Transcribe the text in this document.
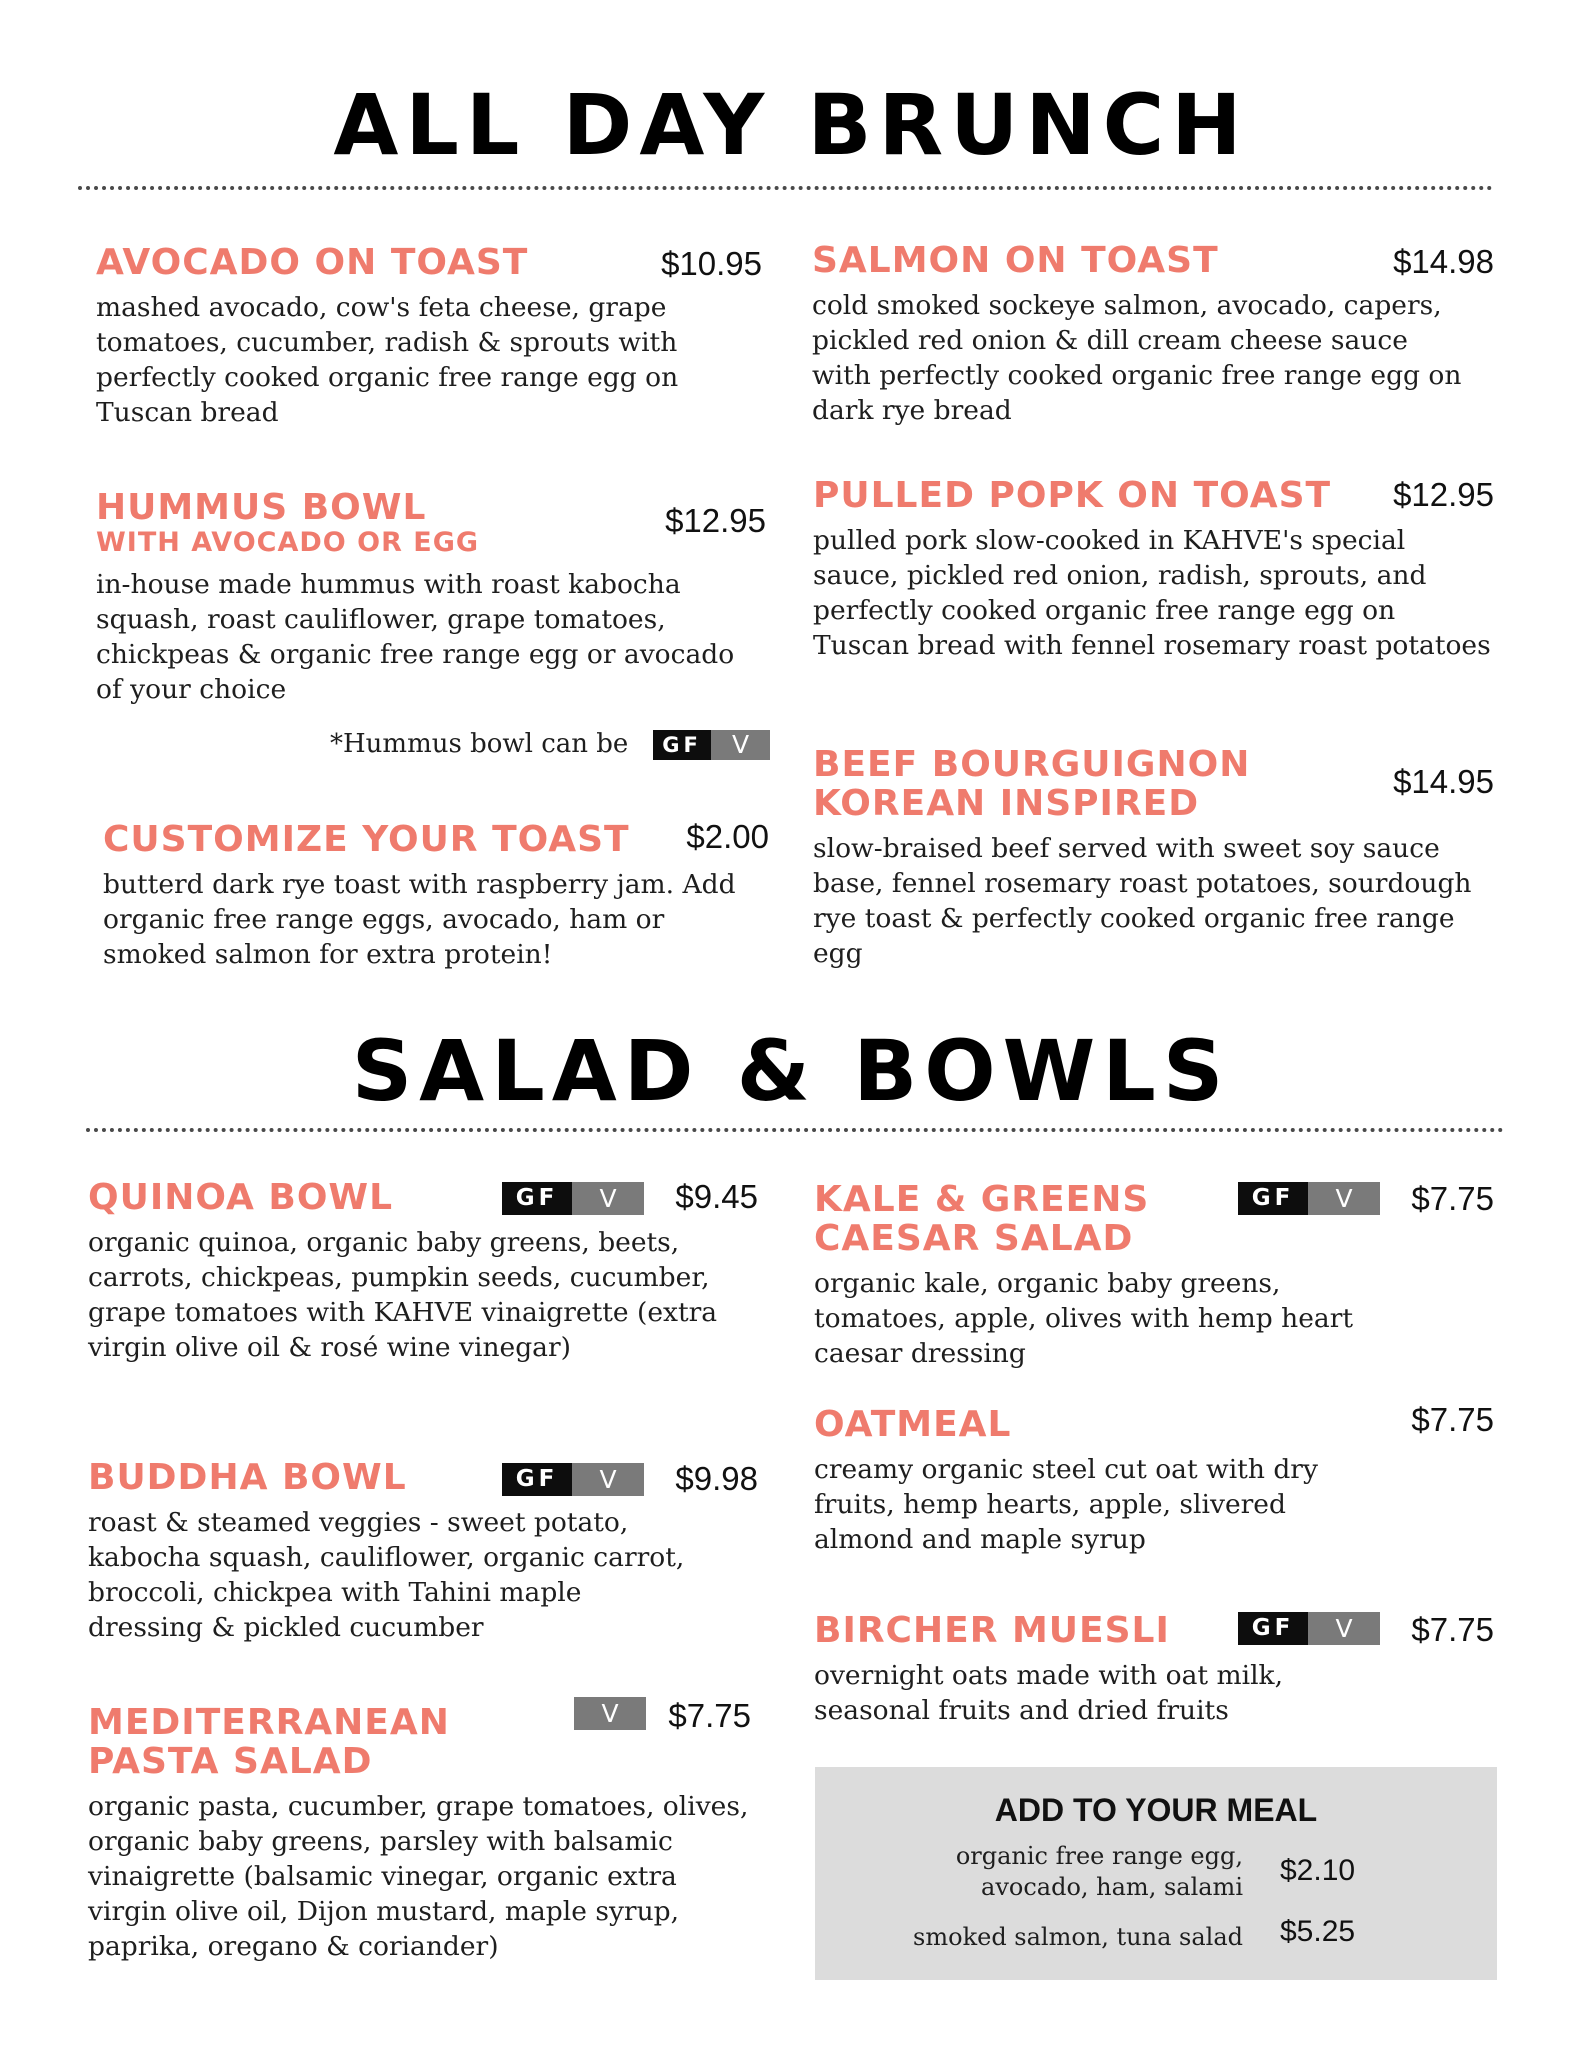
ALL DAY BRUNCH
AVOCADO ON TOAST	$10.95
mashed avocado, cow's feta cheese, grape tomatoes, cucumber, radish & sprouts with perfectly cooked organic free range egg on Tuscan bread
HUMMUS BOWL
WITH AVOCADO OR EGG
$12.95
in-house made hummus with roast kabocha squash, roast cauliflower, grape tomatoes, chickpeas & organic free range egg or avocado of your choice
*Hummus bowl can be	GF	V
CUSTOMIZE YOUR TOAST	$2.00
butterd dark rye toast with raspberry jam. Add organic free range eggs, avocado, ham or smoked salmon for extra protein!
SALMON ON TOAST	$14.98
cold smoked sockeye salmon, avocado, capers, pickled red onion & dill cream cheese sauce with perfectly cooked organic free range egg on dark rye bread
PULLED POPK ON TOAST	$12.95
pulled pork slow-cooked in KAHVE's special sauce, pickled red onion, radish, sprouts, and perfectly cooked organic free range egg on Tuscan bread with fennel rosemary roast potatoes
BEEF BOURGUIGNON
KOREAN INSPIRED
$14.95
slow-braised beef served with sweet soy sauce base, fennel rosemary roast potatoes, sourdough rye toast & perfectly cooked organic free range egg
SALAD & BOWLS
QUINOA BOWL	$9.45
organic quinoa, organic baby greens, beets, carrots, chickpeas, pumpkin seeds, cucumber, grape tomatoes with KAHVE vinaigrette (extra virgin olive oil & rosé wine vinegar)
GF	V
BUDDHA BOWL	$9.98
roast & steamed veggies - sweet potato, kabocha squash, cauliflower, organic carrot, broccoli, chickpea with Tahini maple dressing & pickled cucumber
GF	V
MEDITERRANEAN
PASTA SALAD
$7.75
organic pasta, cucumber, grape tomatoes, olives, organic baby greens, parsley with balsamic vinaigrette (balsamic vinegar, organic extra virgin olive oil, Dijon mustard, maple syrup, paprika, oregano & coriander)
V
KALE & GREENS
CAESAR SALAD
$7.75
organic kale, organic baby greens, tomatoes, apple, olives with hemp heart caesar dressing
GF	V
OATMEAL	$7.75
creamy organic steel cut oat with dry fruits, hemp hearts, apple, slivered almond and maple syrup
BIRCHER MUESLI	$7.75
overnight oats made with oat milk, seasonal fruits and dried fruits
GF	V
ADD TO YOUR MEAL
organic free range egg,
avocado, ham, salami $2.10
smoked salmon, tuna salad $5.25
